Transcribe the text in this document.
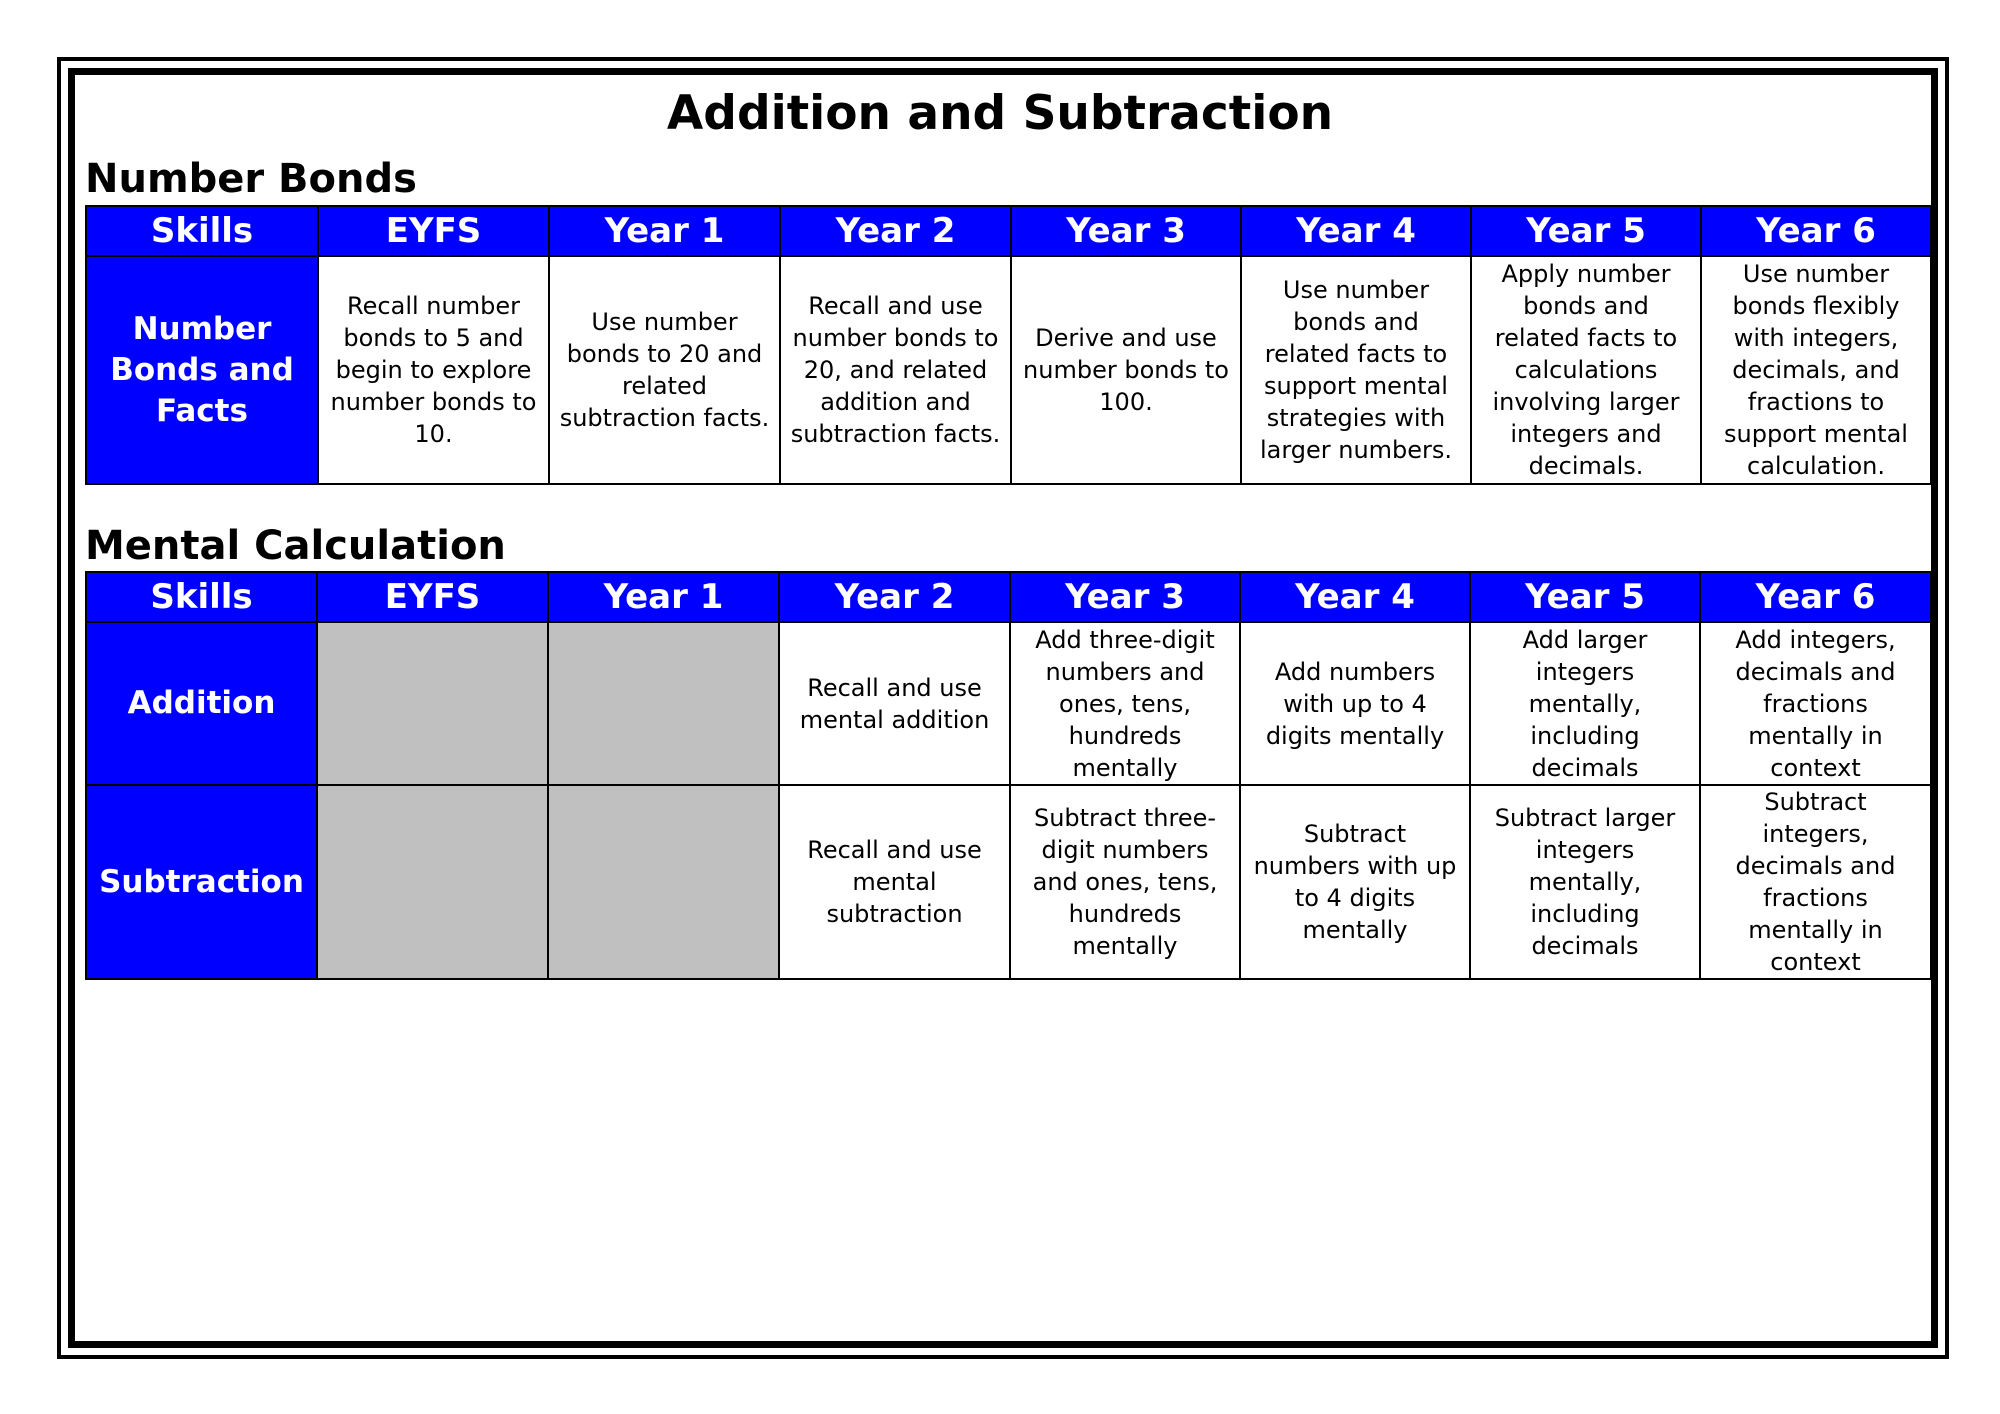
Addition and Subtraction
Number Bonds
Skills	EYFS	Year 1	Year 2	Year 3	Year 4	Year 5	Year 6
Number Bonds and Facts	Recall number bonds to 5 and begin to explore number bonds to 10.	Use number bonds to 20 and related subtraction facts.	Recall and use number bonds to 20, and related addition and subtraction facts.	Derive and use number bonds to 100.	Use number bonds and related facts to support mental strategies with larger numbers.	Apply number bonds and related facts to calculations involving larger integers and decimals.	Use number bonds flexibly with integers, decimals, and fractions to support mental calculation.
Mental Calculation
Skills	EYFS	Year 1	Year 2	Year 3	Year 4	Year 5	Year 6
Addition			Recall and use mental addition	Add three-digit numbers and ones, tens, hundreds mentally	Add numbers with up to 4 digits mentally	Add larger integers mentally, including decimals	Add integers, decimals and fractions mentally in context
Subtraction			Recall and use mental subtraction	Subtract three-digit numbers and ones, tens, hundreds mentally	Subtract numbers with up to 4 digits mentally	Subtract larger integers mentally, including decimals	Subtract integers, decimals and fractions mentally in context
